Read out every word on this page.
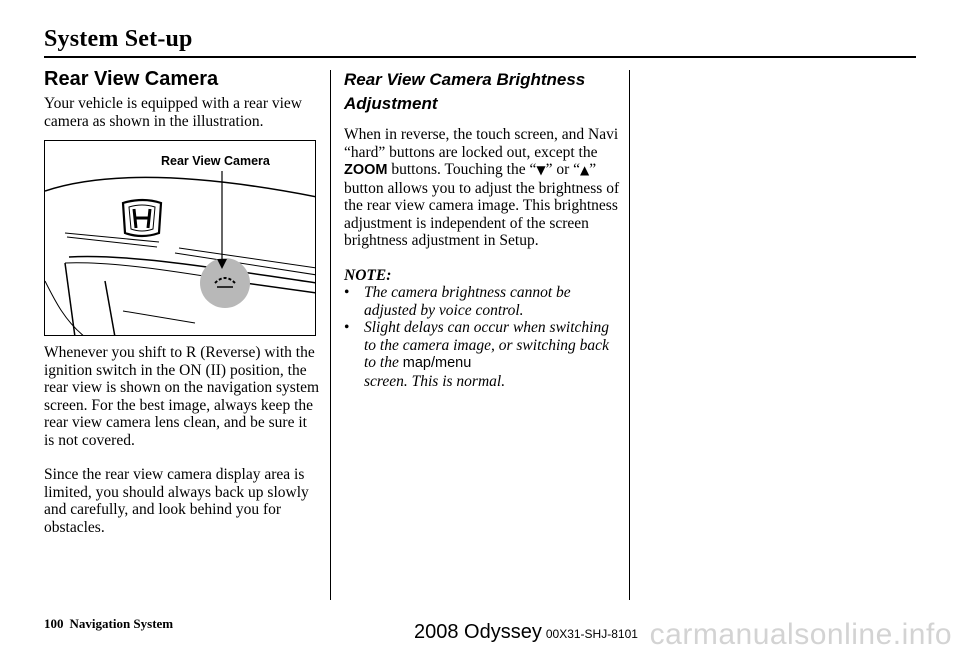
System Set-up
Rear View Camera

Your vehicle is equipped with a rear view camera as shown in the illustration.

Rear View Camera

Whenever you shift to R (Reverse) with the ignition switch in the ON (II) position, the rear view is shown on the navigation system screen. For the best image, always keep the rear view camera lens clean, and be sure it is not covered.

Since the rear view camera display area is limited, you should always back up slowly and carefully, and look behind you for obstacles.

Rear View Camera Brightness Adjustment

When in reverse, the touch screen, and Navi “hard” buttons are locked out, except the ZOOM buttons. Touching the “▼” or “▲” button allows you to adjust the brightness of the rear view camera image. This brightness adjustment is independent of the screen brightness adjustment in Setup.

NOTE:

• The camera brightness cannot be adjusted by voice control.
• Slight delays can occur when switching to the camera image, or switching back to the map/menu
screen. This is normal.
100 Navigation System	2008 Odyssey 00X31-SHJ-8101 carmanualsonline.info
